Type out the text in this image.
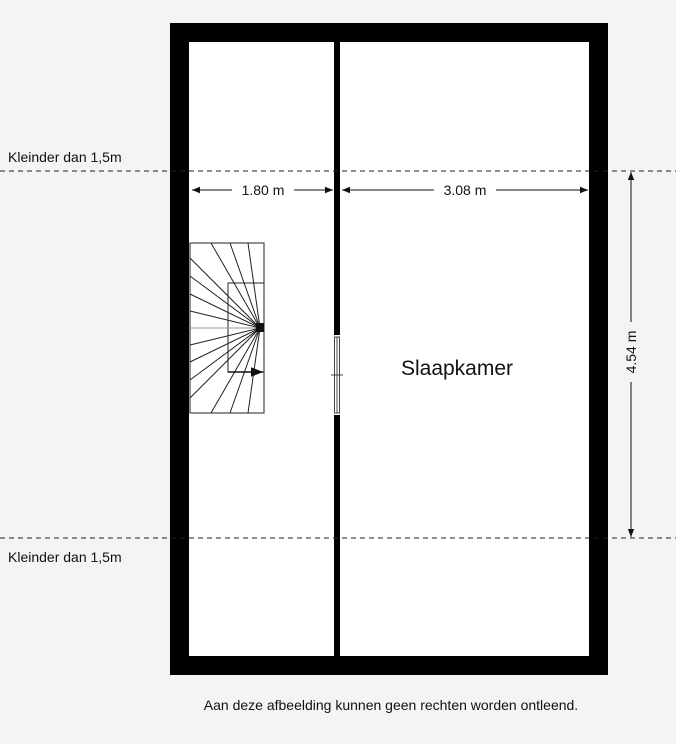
Kleinder dan 1,5m
Kleinder dan 1,5m
1.80 m	3.08 m
4.54 m
Slaapkamer
Aan deze afbeelding kunnen geen rechten worden ontleend.
